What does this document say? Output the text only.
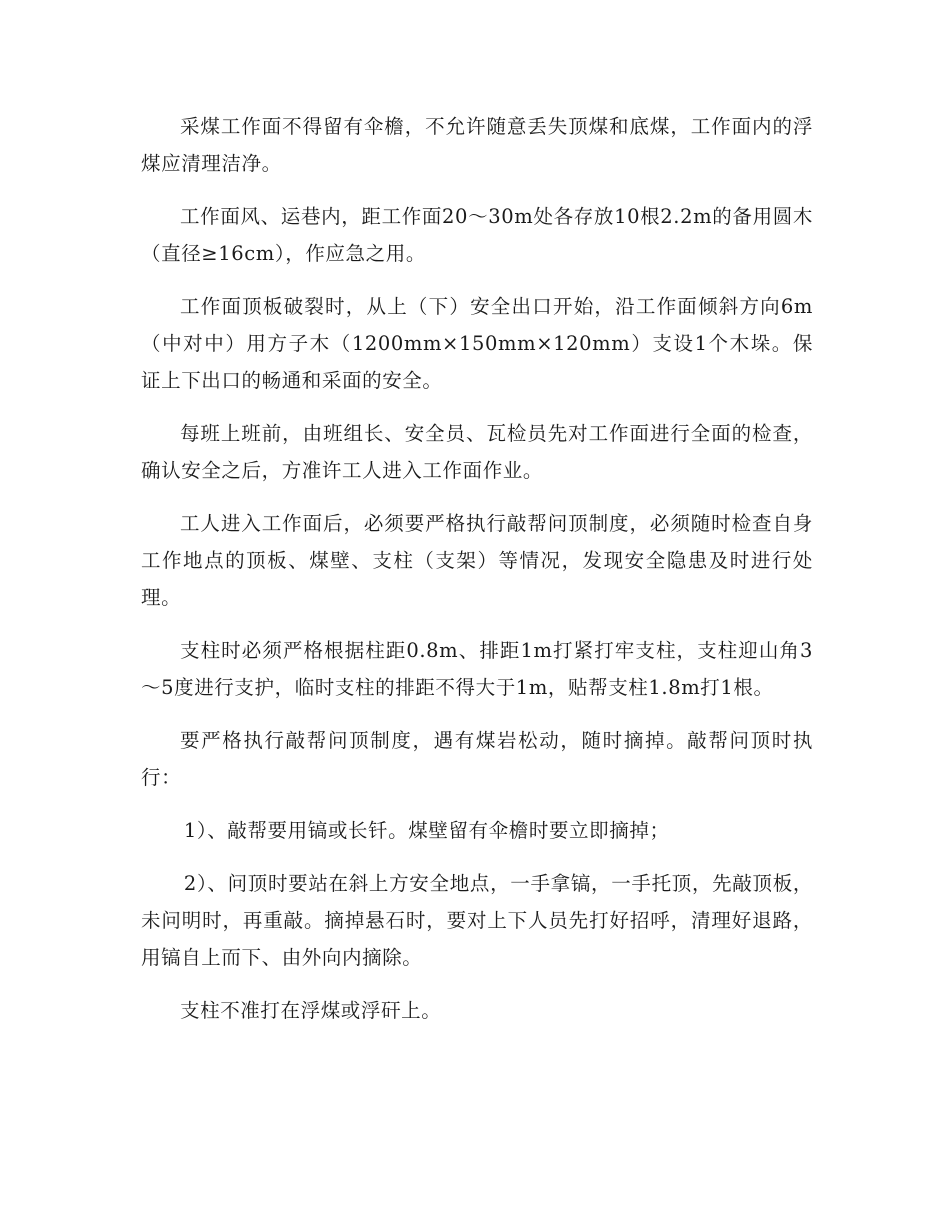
采煤工作面不得留有伞檐，不允许随意丢失顶煤和底煤，工作面内的浮煤应清理洁净。

工作面风、运巷内，距工作面20～30m处各存放10根2.2m的备用圆木（直径≥16cm），作应急之用。

工作面顶板破裂时，从上（下）安全出口开始，沿工作面倾斜方向6m（中对中）用方子木（1200mm×150mm×120mm）支设1个木垛。保证上下出口的畅通和采面的安全。

每班上班前，由班组长、安全员、瓦检员先对工作面进行全面的检查，确认安全之后，方准许工人进入工作面作业。

工人进入工作面后，必须要严格执行敲帮问顶制度，必须随时检查自身工作地点的顶板、煤壁、支柱（支架）等情况，发现安全隐患及时进行处理。

支柱时必须严格根据柱距0.8m、排距1m打紧打牢支柱，支柱迎山角3～5度进行支护，临时支柱的排距不得大于1m，贴帮支柱1.8m打1根。

要严格执行敲帮问顶制度，遇有煤岩松动，随时摘掉。敲帮问顶时执行：

1）、敲帮要用镐或长钎。煤壁留有伞檐时要立即摘掉；

2）、问顶时要站在斜上方安全地点，一手拿镐，一手托顶，先敲顶板，未问明时，再重敲。摘掉悬石时，要对上下人员先打好招呼，清理好退路，用镐自上而下、由外向内摘除。

支柱不准打在浮煤或浮矸上。
